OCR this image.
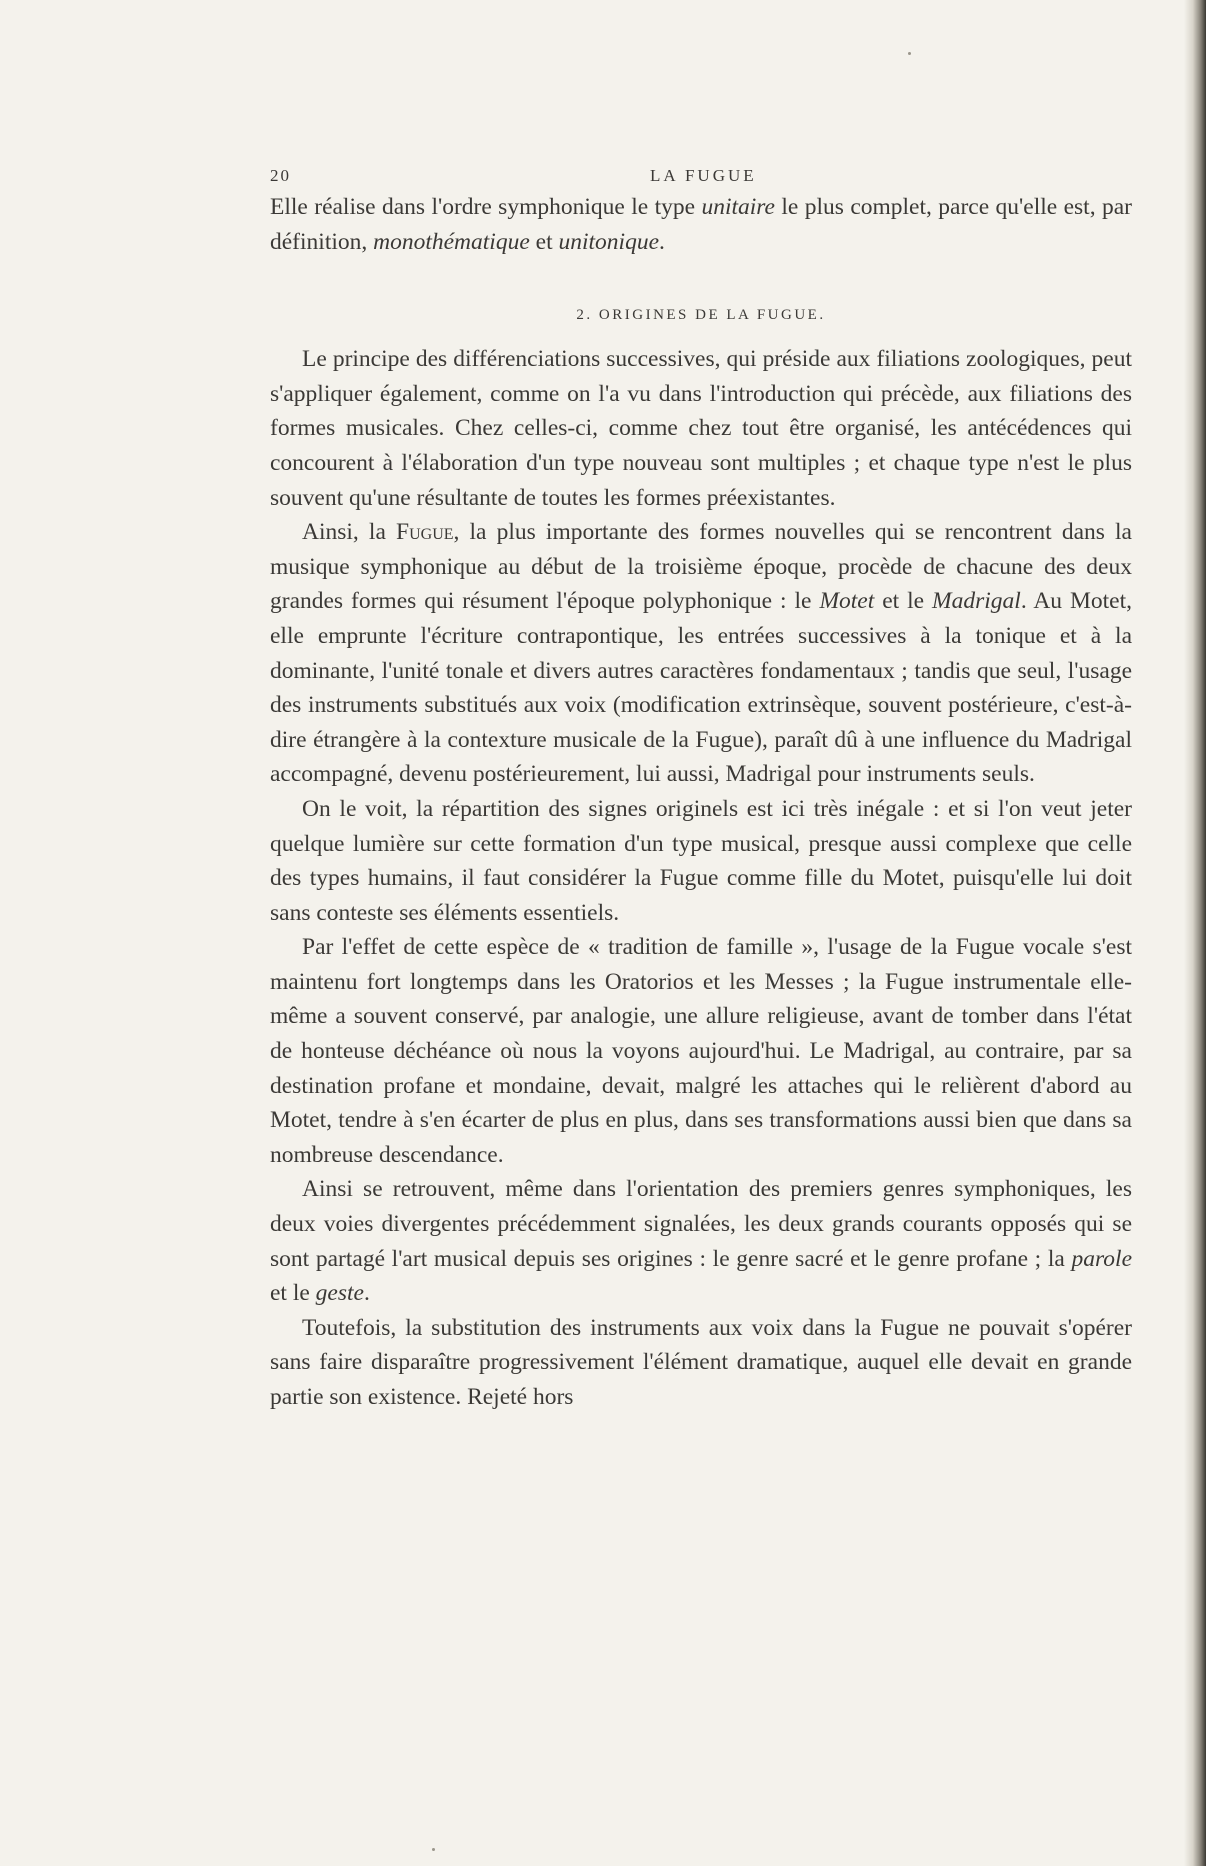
20	LA FUGUE

Elle réalise dans l'ordre symphonique le type unitaire le plus complet, parce qu'elle est, par définition, monothématique et unitonique.

2. ORIGINES DE LA FUGUE.

Le principe des différenciations successives, qui préside aux filiations zoologiques, peut s'appliquer également, comme on l'a vu dans l'introduction qui précède, aux filiations des formes musicales. Chez celles-ci, comme chez tout être organisé, les antécédences qui concourent à l'élaboration d'un type nouveau sont multiples ; et chaque type n'est le plus souvent qu'une résultante de toutes les formes préexistantes.

Ainsi, la Fugue, la plus importante des formes nouvelles qui se rencontrent dans la musique symphonique au début de la troisième époque, procède de chacune des deux grandes formes qui résument l'époque polyphonique : le Motet et le Madrigal. Au Motet, elle emprunte l'écriture contrapontique, les entrées successives à la tonique et à la dominante, l'unité tonale et divers autres caractères fondamentaux ; tandis que seul, l'usage des instruments substitués aux voix (modification extrinsèque, souvent postérieure, c'est-à-dire étrangère à la contexture musicale de la Fugue), paraît dû à une influence du Madrigal accompagné, devenu postérieurement, lui aussi, Madrigal pour instruments seuls.

On le voit, la répartition des signes originels est ici très inégale : et si l'on veut jeter quelque lumière sur cette formation d'un type musical, presque aussi complexe que celle des types humains, il faut considérer la Fugue comme fille du Motet, puisqu'elle lui doit sans conteste ses éléments essentiels.

Par l'effet de cette espèce de « tradition de famille », l'usage de la Fugue vocale s'est maintenu fort longtemps dans les Oratorios et les Messes ; la Fugue instrumentale elle-même a souvent conservé, par analogie, une allure religieuse, avant de tomber dans l'état de honteuse déchéance où nous la voyons aujourd'hui. Le Madrigal, au contraire, par sa destination profane et mondaine, devait, malgré les attaches qui le relièrent d'abord au Motet, tendre à s'en écarter de plus en plus, dans ses transformations aussi bien que dans sa nombreuse descendance.

Ainsi se retrouvent, même dans l'orientation des premiers genres symphoniques, les deux voies divergentes précédemment signalées, les deux grands courants opposés qui se sont partagé l'art musical depuis ses origines : le genre sacré et le genre profane ; la parole et le geste.

Toutefois, la substitution des instruments aux voix dans la Fugue ne pouvait s'opérer sans faire disparaître progressivement l'élément dramatique, auquel elle devait en grande partie son existence. Rejeté hors
